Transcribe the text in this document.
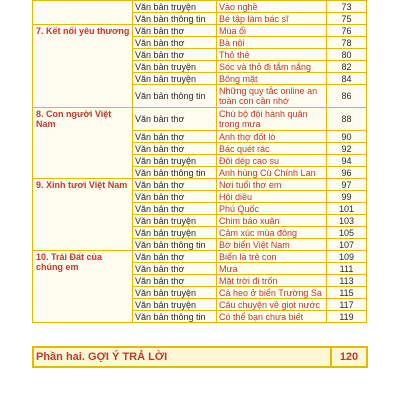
	Văn bản truyện	Vào nghề	73
	Văn bản thông tin	Bé tập làm bác sĩ	75
7. Kết nối yêu thương	Văn bản thơ	Mùa ổi	76
	Văn bản thơ	Bà nội	78
	Văn bản thơ	Thỏ thẻ	80
	Văn bản truyện	Sóc và thỏ đi tắm nắng	82
	Văn bản truyện	Bông mặt	84
	Văn bản thông tin	Những quy tắc online an toàn con cần nhớ	86
8. Con người Việt Nam	Văn bản thơ	Chú bộ đội hành quân trong mưa	88
	Văn bản thơ	Anh thợ đốt lò	90
	Văn bản thơ	Bác quét rác	92
	Văn bản truyện	Đôi dép cao su	94
	Văn bản thông tin	Anh hùng Cù Chính Lan	96
9. Xinh tươi Việt Nam	Văn bản thơ	Nơi tuổi thơ em	97
	Văn bản thơ	Hội diều	99
	Văn bản thơ	Phú Quốc	101
	Văn bản truyện	Chim báo xuân	103
	Văn bản truyện	Cảm xúc mùa đông	105
	Văn bản thông tin	Bờ biển Việt Nam	107
10. Trái Đất của chúng em	Văn bản thơ	Biển là trẻ con	109
	Văn bản thơ	Mưa	111
	Văn bản thơ	Mặt trời đi trốn	113
	Văn bản truyện	Cá heo ở biển Trường Sa	115
	Văn bản truyện	Câu chuyện về giọt nước	117
	Văn bản thông tin	Có thể bạn chưa biết	119
Phần hai. GỢI Ý TRẢ LỜI	120
